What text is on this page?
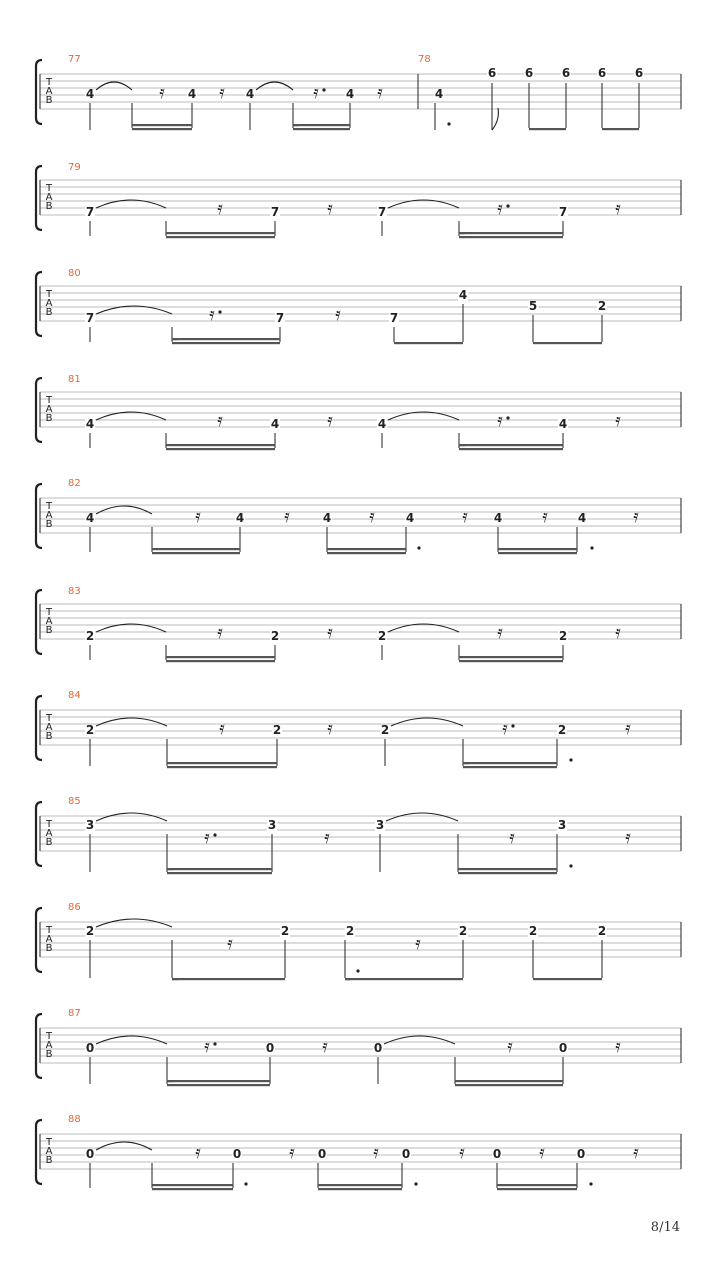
T
A
B
77	78
4	𝄿 4 𝄿 4	𝄿 4 𝄿	4
6 6 6 6 6
T
A
B
79
7	𝄿	7	𝄿	7	𝄿	7	𝄿
T
A
B
80
7	𝄿	7	𝄿	7
4
5	2
T
A
B
81
4	𝄿	4	𝄿	4	𝄿	4	𝄿
T
A
B
82
4	𝄿	4 𝄿	4 𝄿	4	𝄿 4 𝄿	4	𝄿
T
A
B
83
2	𝄿	2	𝄿	2	𝄿	2	𝄿
T
A
B
84
2	𝄿	2	𝄿	2	𝄿	2	𝄿
T
A
B
85
3
𝄿
3
𝄿
3
𝄿
3
𝄿
T
A
B
86
2
𝄿
2	2
𝄿
2	2	2
T
A
B
87
0	𝄿	0	𝄿	0	𝄿	0	𝄿
T
A
B
88
0	𝄿	0	𝄿 0	𝄿 0	𝄿 0 𝄿	0	𝄿
8/14
